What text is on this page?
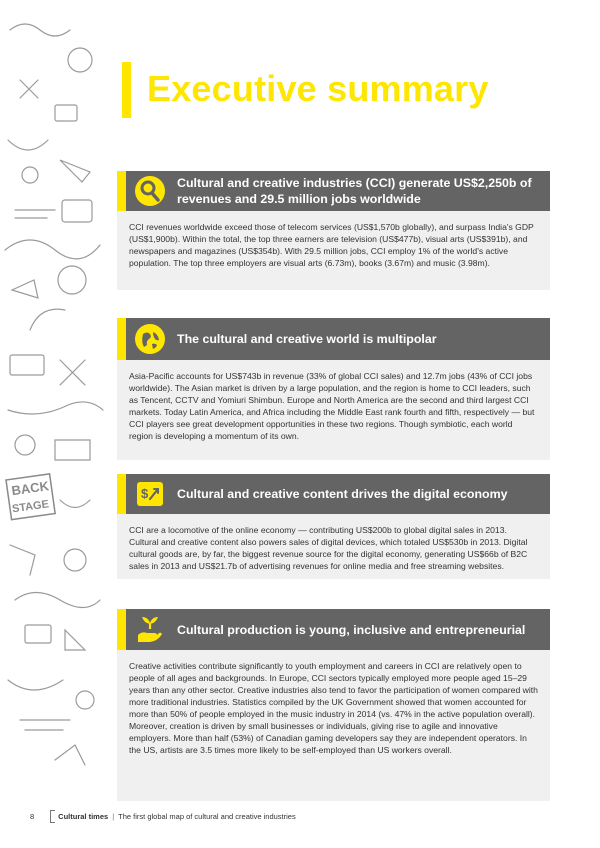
BACK
STAGE
Executive summary
Cultural and creative industries (CCI) generate US$2,250b of revenues and 29.5 million jobs worldwide

CCI revenues worldwide exceed those of telecom services (US$1,570b globally), and surpass India's GDP (US$1,900b). Within the total, the top three earners are television (US$477b), visual arts (US$391b), and newspapers and magazines (US$354b). With 29.5 million jobs, CCI employ 1% of the world's active population. The top three employers are visual arts (6.73m), books (3.67m) and music (3.98m).

The cultural and creative world is multipolar

Asia-Pacific accounts for US$743b in revenue (33% of global CCI sales) and 12.7m jobs (43% of CCI jobs worldwide). The Asian market is driven by a large population, and the region is home to CCI leaders, such as Tencent, CCTV and Yomiuri Shimbun. Europe and North America are the second and third largest CCI markets. Today Latin America, and Africa including the Middle East rank fourth and fifth, respectively — but CCI players see great development opportunities in these two regions. Though symbiotic, each world region is developing a momentum of its own.

$ Cultural and creative content drives the digital economy

CCI are a locomotive of the online economy — contributing US$200b to global digital sales in 2013. Cultural and creative content also powers sales of digital devices, which totaled US$530b in 2013. Digital cultural goods are, by far, the biggest revenue source for the digital economy, generating US$66b of B2C sales in 2013 and US$21.7b of advertising revenues for online media and free streaming websites.

Cultural production is young, inclusive and entrepreneurial

Creative activities contribute significantly to youth employment and careers in CCI are relatively open to people of all ages and backgrounds. In Europe, CCI sectors typically employed more people aged 15–29 years than any other sector. Creative industries also tend to favor the participation of women compared with more traditional industries. Statistics compiled by the UK Government showed that women accounted for more than 50% of people employed in the music industry in 2014 (vs. 47% in the active population overall). Moreover, creation is driven by small businesses or individuals, giving rise to agile and innovative employers. More than half (53%) of Canadian gaming developers say they are independent operators. In the US, artists are 3.5 times more likely to be self-employed than US workers overall.

8	Cultural times | The first global map of cultural and creative industries
